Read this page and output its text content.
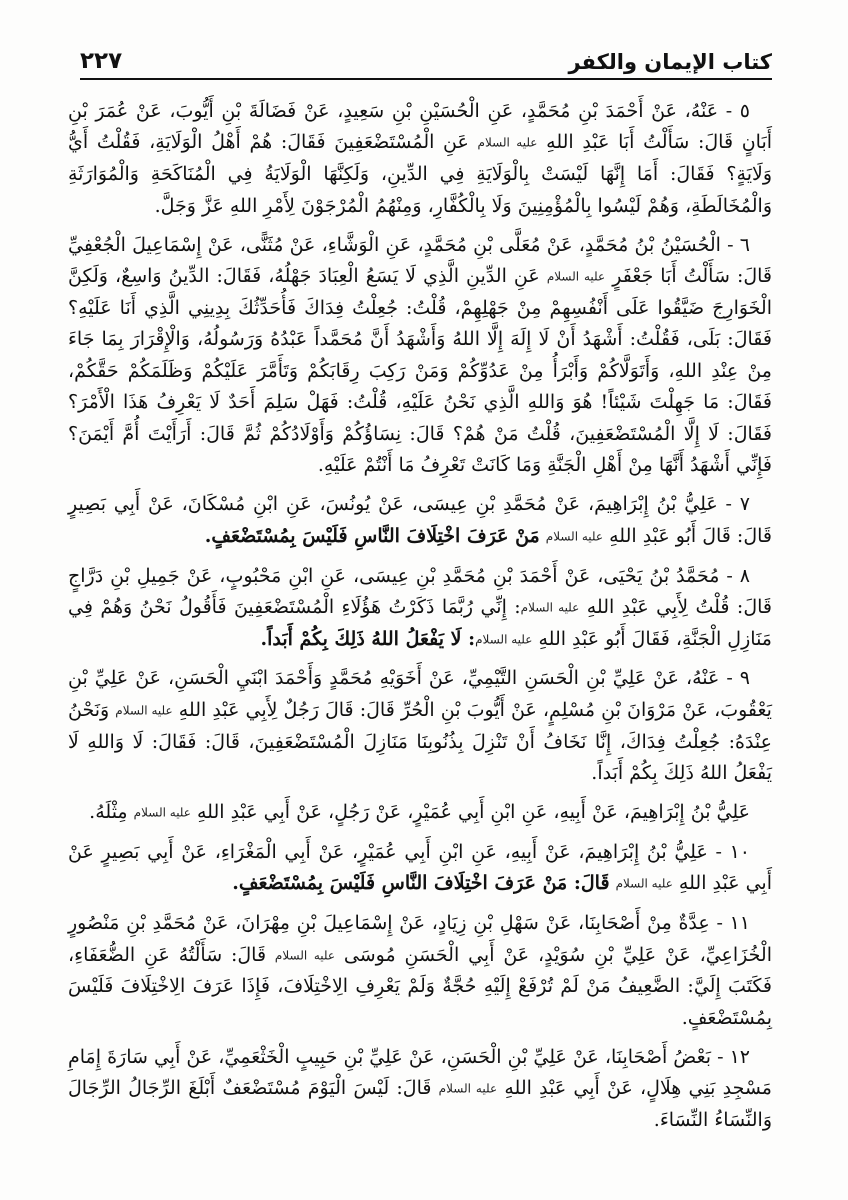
٢٢٧	كتاب الإيمان والكفر

٥ - عَنْهُ، عَنْ أَحْمَدَ بْنِ مُحَمَّدٍ، عَنِ الْحُسَيْنِ بْنِ سَعِيدٍ، عَنْ فَضَالَةَ بْنِ أَيُّوبَ، عَنْ عُمَرَ بْنِ أَبَانٍ قَالَ: سَأَلْتُ أَبَا عَبْدِ اللهِ عليه السلام عَنِ الْمُسْتَضْعَفِينَ فَقَالَ: هُمْ أَهْلُ الْوَلَايَةِ، فَقُلْتُ أَيُّ وَلَايَةٍ؟ فَقَالَ: أَمَا إِنَّهَا لَيْسَتْ بِالْوَلَايَةِ فِي الدِّينِ، وَلَكِنَّهَا الْوَلَايَةُ فِي الْمُنَاكَحَةِ وَالْمُوَارَثَةِ وَالْمُخَالَطَةِ، وَهُمْ لَيْسُوا بِالْمُؤْمِنِينَ وَلَا بِالْكُفَّارِ، وَمِنْهُمُ الْمُرْجَوْنَ لِأَمْرِ اللهِ عَزَّ وَجَلَّ.

٦ - الْحُسَيْنُ بْنُ مُحَمَّدٍ، عَنْ مُعَلَّى بْنِ مُحَمَّدٍ، عَنِ الْوَشَّاءِ، عَنْ مُثَنًّى، عَنْ إِسْمَاعِيلَ الْجُعْفِيِّ قَالَ: سَأَلْتُ أَبَا جَعْفَرٍ عليه السلام عَنِ الدِّينِ الَّذِي لَا يَسَعُ الْعِبَادَ جَهْلُهُ، فَقَالَ: الدِّينُ وَاسِعٌ، وَلَكِنَّ الْخَوَارِجَ ضَيَّقُوا عَلَى أَنْفُسِهِمْ مِنْ جَهْلِهِمْ، قُلْتُ: جُعِلْتُ فِدَاكَ فَأُحَدِّثُكَ بِدِينِي الَّذِي أَنَا عَلَيْهِ؟ فَقَالَ: بَلَى، فَقُلْتُ: أَشْهَدُ أَنْ لَا إِلَهَ إِلَّا اللهُ وَأَشْهَدُ أَنَّ مُحَمَّداً عَبْدُهُ وَرَسُولُهُ، وَالْإِقْرَارَ بِمَا جَاءَ مِنْ عِنْدِ اللهِ، وَأَتَوَلَّاكُمْ وَأَبْرَأُ مِنْ عَدُوِّكُمْ وَمَنْ رَكِبَ رِقَابَكُمْ وَتَأَمَّرَ عَلَيْكُمْ وَظَلَمَكُمْ حَقَّكُمْ، فَقَالَ: مَا جَهِلْتَ شَيْئاً! هُوَ وَاللهِ الَّذِي نَحْنُ عَلَيْهِ، قُلْتُ: فَهَلْ سَلِمَ أَحَدٌ لَا يَعْرِفُ هَذَا الْأَمْرَ؟ فَقَالَ: لَا إِلَّا الْمُسْتَضْعَفِينَ، قُلْتُ مَنْ هُمْ؟ قَالَ: نِسَاؤُكُمْ وَأَوْلَادُكُمْ ثُمَّ قَالَ: أَرَأَيْتَ أُمَّ أَيْمَنَ؟ فَإِنِّي أَشْهَدُ أَنَّهَا مِنْ أَهْلِ الْجَنَّةِ وَمَا كَانَتْ تَعْرِفُ مَا أَنْتُمْ عَلَيْهِ.

٧ - عَلِيُّ بْنُ إِبْرَاهِيمَ، عَنْ مُحَمَّدِ بْنِ عِيسَى، عَنْ يُونُسَ، عَنِ ابْنِ مُسْكَانَ، عَنْ أَبِي بَصِيرٍ قَالَ: قَالَ أَبُو عَبْدِ اللهِ عليه السلام مَنْ عَرَفَ اخْتِلَافَ النَّاسِ فَلَيْسَ بِمُسْتَضْعَفٍ.

٨ - مُحَمَّدُ بْنُ يَحْيَى، عَنْ أَحْمَدَ بْنِ مُحَمَّدِ بْنِ عِيسَى، عَنِ ابْنِ مَحْبُوبٍ، عَنْ جَمِيلِ بْنِ دَرَّاجٍ قَالَ: قُلْتُ لِأَبِي عَبْدِ اللهِ عليه السلام: إِنِّي رُبَّمَا ذَكَرْتُ هَؤُلَاءِ الْمُسْتَضْعَفِينَ فَأَقُولُ نَحْنُ وَهُمْ فِي مَنَازِلِ الْجَنَّةِ، فَقَالَ أَبُو عَبْدِ اللهِ عليه السلام: لَا يَفْعَلُ اللهُ ذَلِكَ بِكُمْ أَبَداً.

٩ - عَنْهُ، عَنْ عَلِيِّ بْنِ الْحَسَنِ التَّيْمِيِّ، عَنْ أَخَوَيْهِ مُحَمَّدٍ وَأَحْمَدَ ابْنَيِ الْحَسَنِ، عَنْ عَلِيِّ بْنِ يَعْقُوبَ، عَنْ مَرْوَانَ بْنِ مُسْلِمٍ، عَنْ أَيُّوبَ بْنِ الْحُرِّ قَالَ: قَالَ رَجُلٌ لِأَبِي عَبْدِ اللهِ عليه السلام وَنَحْنُ عِنْدَهُ: جُعِلْتُ فِدَاكَ، إِنَّا نَخَافُ أَنْ تَنْزِلَ بِذُنُوبِنَا مَنَازِلَ الْمُسْتَضْعَفِينَ، قَالَ: فَقَالَ: لَا وَاللهِ لَا يَفْعَلُ اللهُ ذَلِكَ بِكُمْ أَبَداً.

عَلِيُّ بْنُ إِبْرَاهِيمَ، عَنْ أَبِيهِ، عَنِ ابْنِ أَبِي عُمَيْرٍ، عَنْ رَجُلٍ، عَنْ أَبِي عَبْدِ اللهِ عليه السلام مِثْلَهُ.

١٠ - عَلِيُّ بْنُ إِبْرَاهِيمَ، عَنْ أَبِيهِ، عَنِ ابْنِ أَبِي عُمَيْرٍ، عَنْ أَبِي الْمَغْرَاءِ، عَنْ أَبِي بَصِيرٍ عَنْ أَبِي عَبْدِ اللهِ عليه السلام قَالَ: مَنْ عَرَفَ اخْتِلَافَ النَّاسِ فَلَيْسَ بِمُسْتَضْعَفٍ.

١١ - عِدَّةٌ مِنْ أَصْحَابِنَا، عَنْ سَهْلِ بْنِ زِيَادٍ، عَنْ إِسْمَاعِيلَ بْنِ مِهْرَانَ، عَنْ مُحَمَّدِ بْنِ مَنْصُورٍ الْخُزَاعِيِّ، عَنْ عَلِيِّ بْنِ سُوَيْدٍ، عَنْ أَبِي الْحَسَنِ مُوسَى عليه السلام قَالَ: سَأَلْتُهُ عَنِ الضُّعَفَاءِ، فَكَتَبَ إِلَيَّ: الضَّعِيفُ مَنْ لَمْ تُرْفَعْ إِلَيْهِ حُجَّةٌ وَلَمْ يَعْرِفِ الِاخْتِلَافَ، فَإِذَا عَرَفَ الِاخْتِلَافَ فَلَيْسَ بِمُسْتَضْعَفٍ.

١٢ - بَعْضُ أَصْحَابِنَا، عَنْ عَلِيِّ بْنِ الْحَسَنِ، عَنْ عَلِيِّ بْنِ حَبِيبٍ الْخَثْعَمِيِّ، عَنْ أَبِي سَارَةَ إِمَامِ مَسْجِدِ بَنِي هِلَالٍ، عَنْ أَبِي عَبْدِ اللهِ عليه السلام قَالَ: لَيْسَ الْيَوْمَ مُسْتَضْعَفٌ أَبْلَغَ الرِّجَالُ الرِّجَالَ وَالنِّسَاءُ النِّسَاءَ.
